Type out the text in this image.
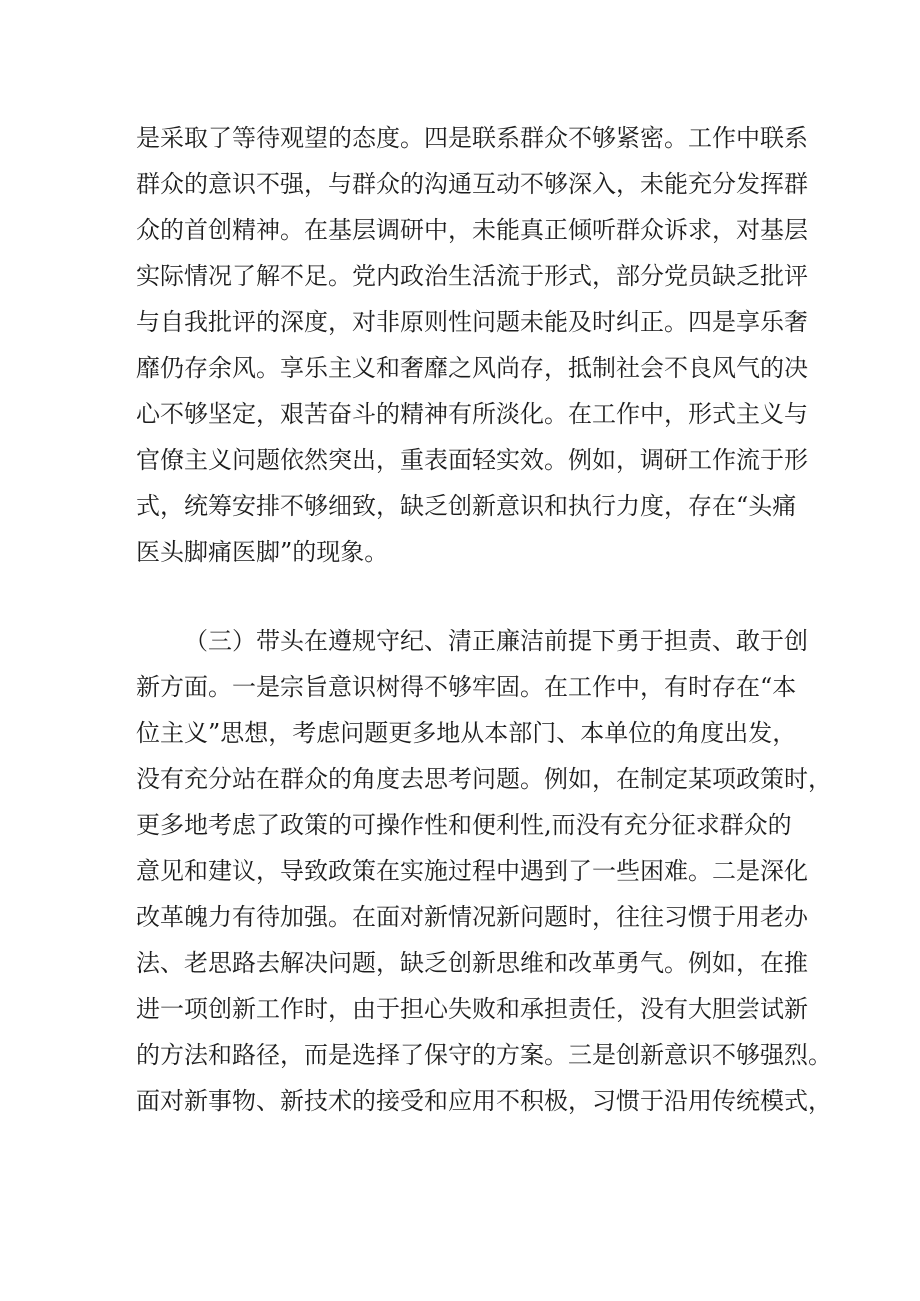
是采取了等待观望的态度。四是联系群众不够紧密。工作中联系

群众的意识不强，与群众的沟通互动不够深入，未能充分发挥群

众的首创精神。在基层调研中，未能真正倾听群众诉求，对基层

实际情况了解不足。党内政治生活流于形式，部分党员缺乏批评

与自我批评的深度，对非原则性问题未能及时纠正。四是享乐奢

靡仍存余风。享乐主义和奢靡之风尚存，抵制社会不良风气的决

心不够坚定，艰苦奋斗的精神有所淡化。在工作中，形式主义与

官僚主义问题依然突出，重表面轻实效。例如，调研工作流于形

式，统筹安排不够细致，缺乏创新意识和执行力度，存在“头痛

医头脚痛医脚”的现象。

（三）带头在遵规守纪、清正廉洁前提下勇于担责、敢于创

新方面。一是宗旨意识树得不够牢固。在工作中，有时存在“本

位主义”思想，考虑问题更多地从本部门、本单位的角度出发，

没有充分站在群众的角度去思考问题。例如，在制定某项政策时，

更多地考虑了政策的可操作性和便利性,而没有充分征求群众的

意见和建议，导致政策在实施过程中遇到了一些困难。二是深化

改革魄力有待加强。在面对新情况新问题时，往往习惯于用老办

法、老思路去解决问题，缺乏创新思维和改革勇气。例如，在推

进一项创新工作时，由于担心失败和承担责任，没有大胆尝试新

的方法和路径，而是选择了保守的方案。三是创新意识不够强烈。

面对新事物、新技术的接受和应用不积极，习惯于沿用传统模式，
